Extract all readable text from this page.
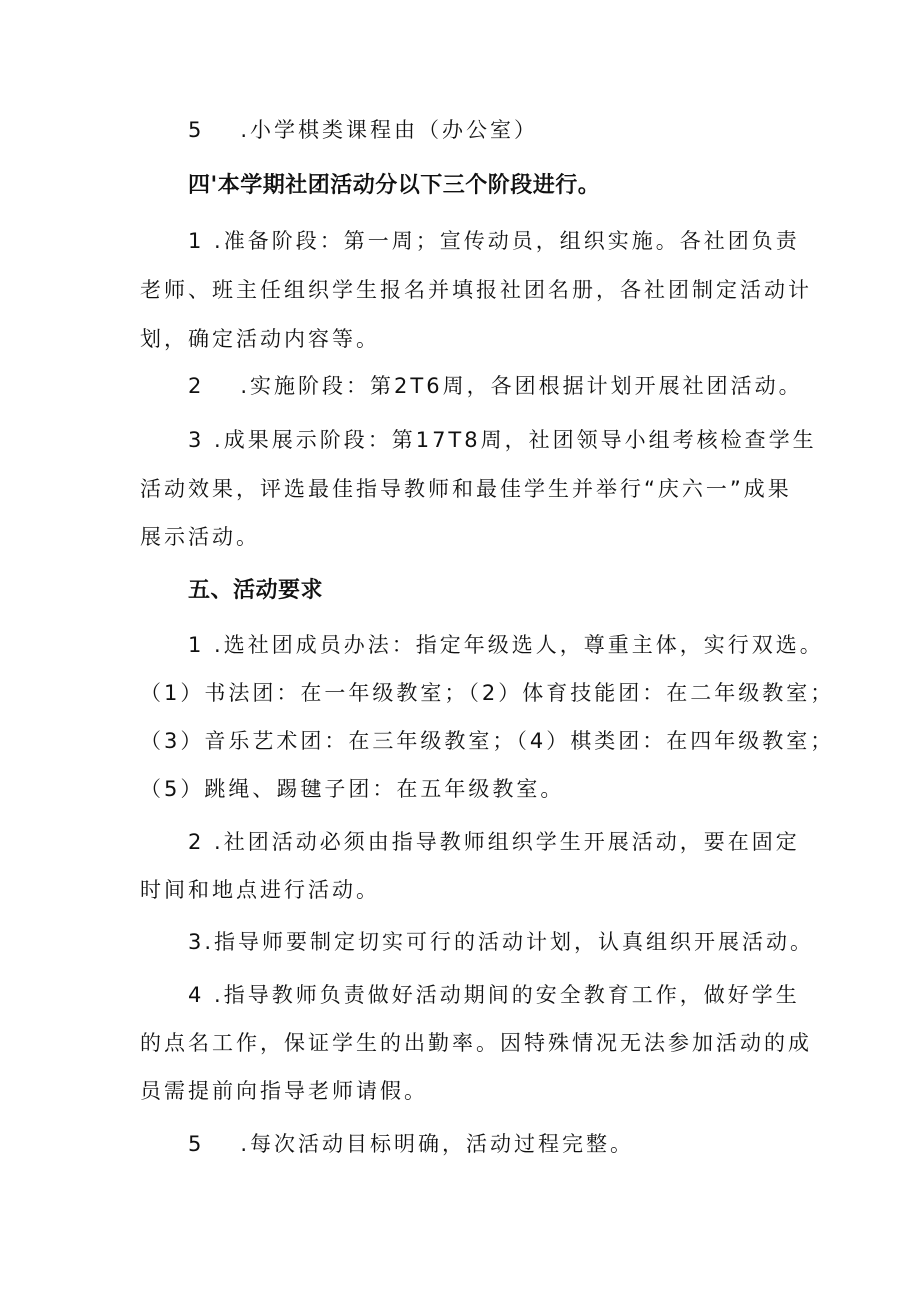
5 .小学棋类课程由（办公室）
四'本学期社团活动分以下三个阶段进行。
1 .准备阶段：第一周；宣传动员，组织实施。各社团负责
老师、班主任组织学生报名并填报社团名册，各社团制定活动计
划，确定活动内容等。
2 .实施阶段：第2T6周，各团根据计划开展社团活动。
3 .成果展示阶段：第17T8周，社团领导小组考核检查学生
活动效果，评选最佳指导教师和最佳学生并举行“庆六一”成果
展示活动。
五、活动要求
1 .选社团成员办法：指定年级选人，尊重主体，实行双选。
（1）书法团：在一年级教室；（2）体育技能团：在二年级教室；
（3）音乐艺术团：在三年级教室；（4）棋类团：在四年级教室；
（5）跳绳、踢毽子团：在五年级教室。
2 .社团活动必须由指导教师组织学生开展活动，要在固定
时间和地点进行活动。
3.指导师要制定切实可行的活动计划，认真组织开展活动。
4 .指导教师负责做好活动期间的安全教育工作，做好学生
的点名工作，保证学生的出勤率。因特殊情况无法参加活动的成
员需提前向指导老师请假。
5 .每次活动目标明确，活动过程完整。
